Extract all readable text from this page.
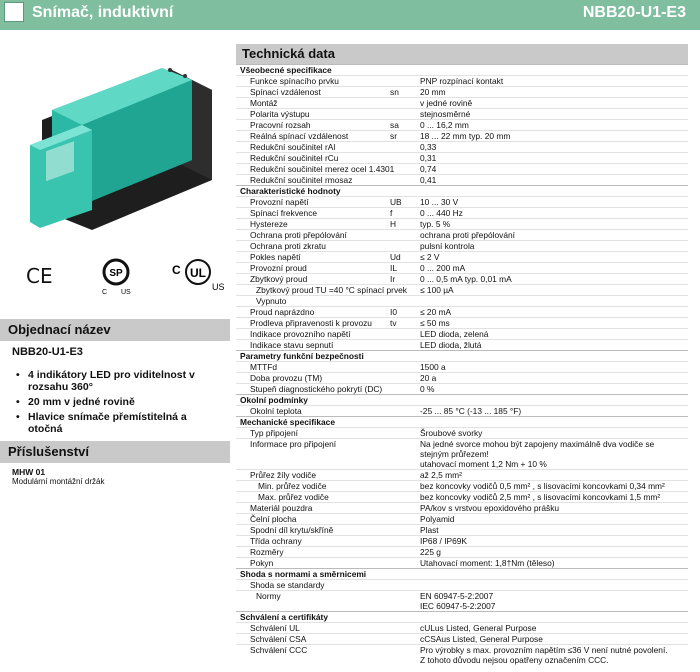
Snímač, induktivní	NBB20-U1-E3
CE	SP
C US
C UL
US
Objednací název
NBB20-U1-E3
• 4 indikátory LED pro viditelnost v rozsahu 360°
• 20 mm v jedné rovině
• Hlavice snímače přemístitelná a otočná
Příslušenství
MHW 01
Modulární montážní držák
Technická data
Všeobecné specifikace		
Funkce spínacího prvku		PNP rozpínací kontakt
Spínací vzdálenost	sn	20 mm
Montáž		v jedné rovině
Polarita výstupu		stejnosměrné
Pracovní rozsah	sa	0 ... 16,2 mm
Reálná spínací vzdálenost	sr	18 ... 22 mm typ. 20 mm
Redukční součinitel rAl		0,33
Redukční součinitel rCu		0,31
Redukční součinitel rnerez ocel 1.4301		0,74
Redukční součinitel rmosaz		0,41
Charakteristické hodnoty		
Provozní napětí	UB	10 ... 30 V
Spínací frekvence	f	0 ... 440 Hz
Hystereze	H	typ. 5 %
Ochrana proti přepólování		ochrana proti přepólování
Ochrana proti zkratu		pulsní kontrola
Pokles napětí	Ud	≤ 2 V
Provozní proud	IL	0 ... 200 mA
Zbytkový proud	Ir	0 ... 0,5 mA typ. 0,01 mA
Zbytkový proud TU =40 °C spínací prvek		≤ 100 µA
Vypnuto		
Proud naprázdno	I0	≤ 20 mA
Prodleva připravenosti k provozu	tv	≤ 50 ms
Indikace provozního napětí		LED dioda, zelená
Indikace stavu sepnutí		LED dioda, žlutá
Parametry funkční bezpečnosti		
MTTFd		1500 a
Doba provozu (TM)		20 a
Stupeň diagnostického pokrytí (DC)		0 %
Okolní podmínky		
Okolní teplota		-25 ... 85 °C (-13 ... 185 °F)
Mechanické specifikace		
Typ připojení		Šroubové svorky
Informace pro připojení		Na jedné svorce mohou být zapojeny maximálně dva vodiče se
		stejným průřezem!
		utahovací moment 1,2 Nm + 10 %
Průřez žíly vodiče		až 2,5 mm²
Min. průřez vodiče		bez koncovky vodičů 0,5 mm² , s lisovacími koncovkami 0,34 mm²
Max. průřez vodiče		bez koncovky vodičů 2,5 mm² , s lisovacími koncovkami 1,5 mm²
Materiál pouzdra		PA/kov s vrstvou epoxidového prášku
Čelní plocha		Polyamid
Spodní díl krytu/skříně		Plast
Třída ochrany		IP68 / IP69K
Rozměry		225 g
Pokyn		Utahovací moment: 1,8†Nm (těleso)
Shoda s normami a směrnicemi		
Shoda se standardy		
Normy		EN 60947-5-2:2007
		IEC 60947-5-2:2007
Schválení a certifikáty		
Schválení UL		cULus Listed, General Purpose
Schválení CSA		cCSAus Listed, General Purpose
Schválení CCC		Pro výrobky s max. provozním napětím ≤36 V není nutné povolení.
		Z tohoto důvodu nejsou opatřeny označením CCC.
